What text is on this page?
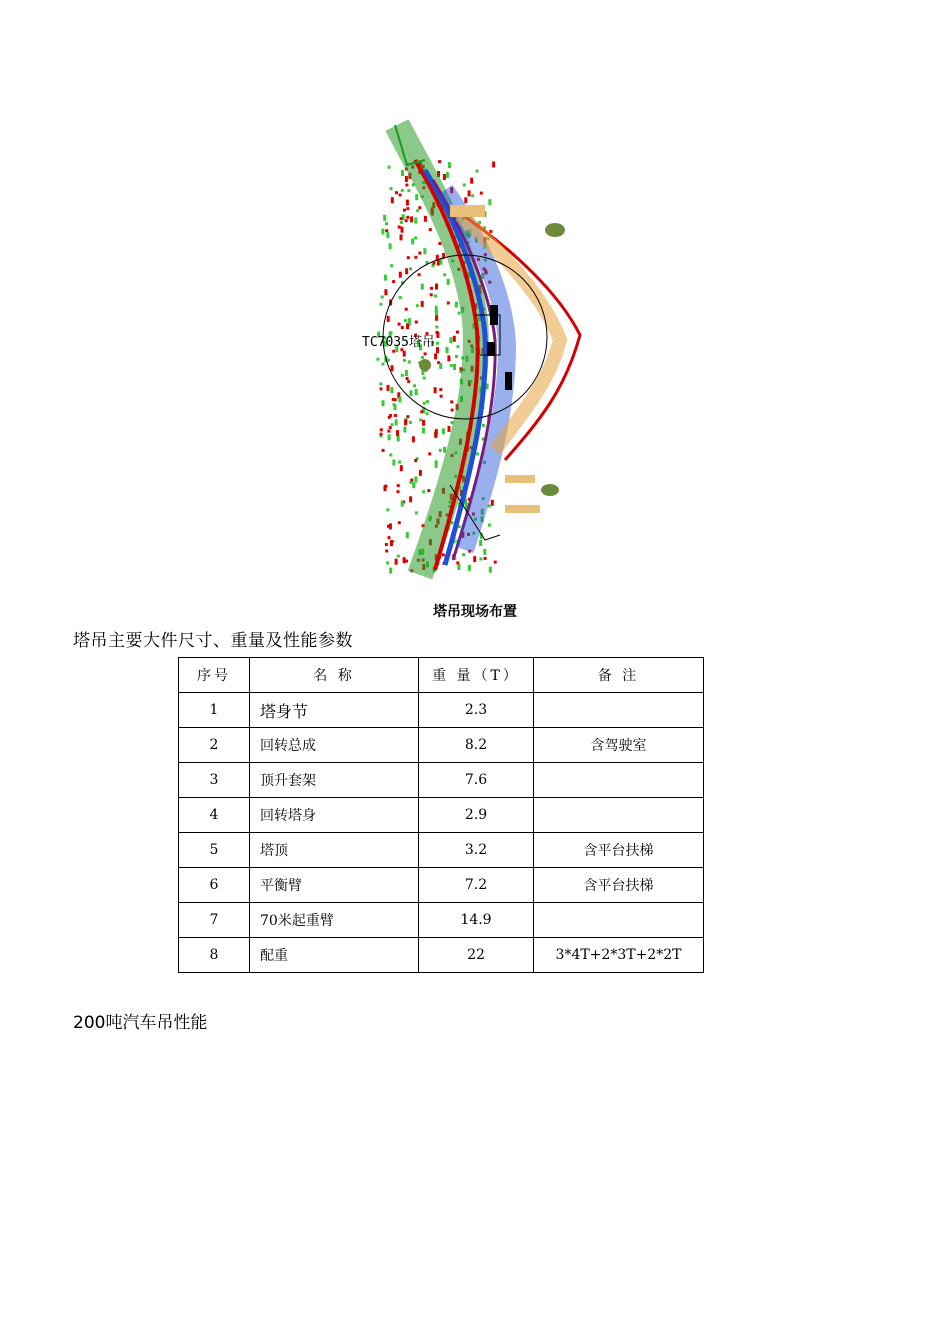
TC7035塔吊
塔吊现场布置
塔吊主要大件尺寸、重量及性能参数
序号	名 称	重 量（T）	备 注
1	塔身节	2.3	
2	回转总成	8.2	含驾驶室
3	顶升套架	7.6	
4	回转塔身	2.9	
5	塔顶	3.2	含平台扶梯
6	平衡臂	7.2	含平台扶梯
7	70米起重臂	14.9	
8	配重	22	3*4T+2*3T+2*2T
200吨汽车吊性能
